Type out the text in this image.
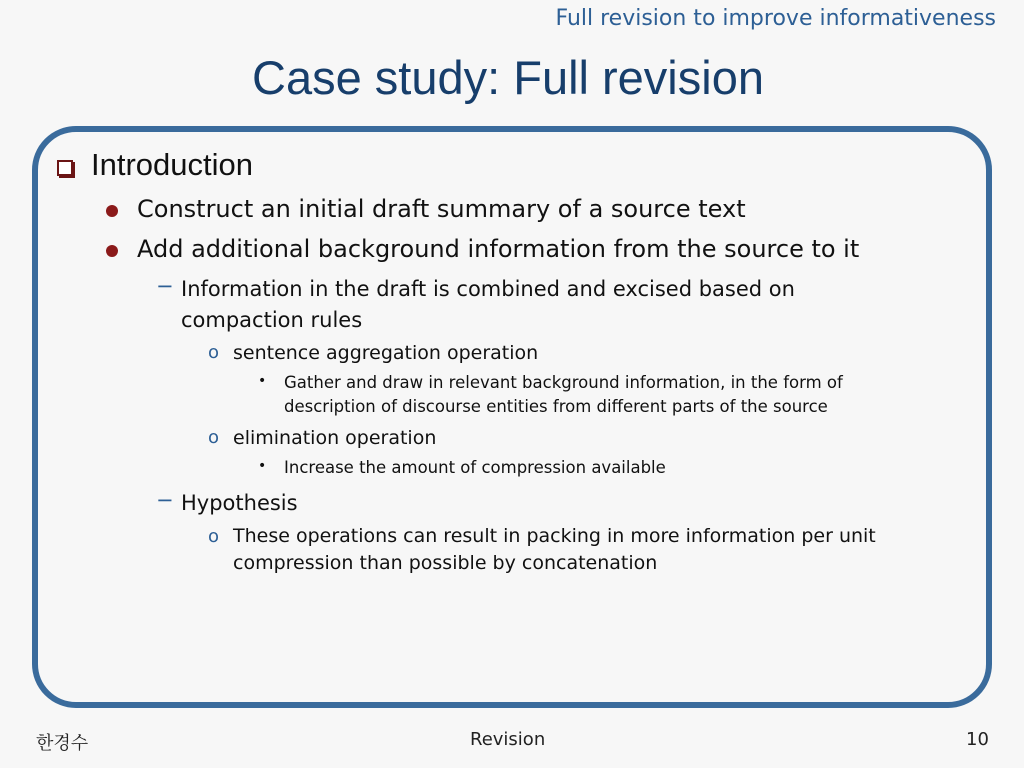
Full revision to improve informativeness
Case study: Full revision
Introduction
Construct an initial draft summary of a source text
Add additional background information from the source to it
− Information in the draft is combined and excised based on
compaction rules
o sentence aggregation operation
• Gather and draw in relevant background information, in the form of
description of discourse entities from different parts of the source
o elimination operation
• Increase the amount of compression available
− Hypothesis
o These operations can result in packing in more information per unit
compression than possible by concatenation
한경수	Revision	10
